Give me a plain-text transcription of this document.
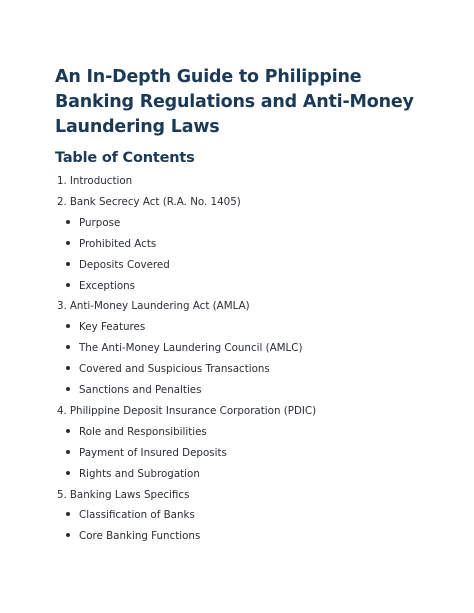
An In-Depth Guide to Philippine Banking Regulations and Anti-Money Laundering Laws
Table of Contents
1. Introduction
2. Bank Secrecy Act (R.A. No. 1405)
Purpose
Prohibited Acts
Deposits Covered
Exceptions
3. Anti-Money Laundering Act (AMLA)
Key Features
The Anti-Money Laundering Council (AMLC)
Covered and Suspicious Transactions
Sanctions and Penalties
4. Philippine Deposit Insurance Corporation (PDIC)
Role and Responsibilities
Payment of Insured Deposits
Rights and Subrogation
5. Banking Laws Specifics
Classification of Banks
Core Banking Functions
